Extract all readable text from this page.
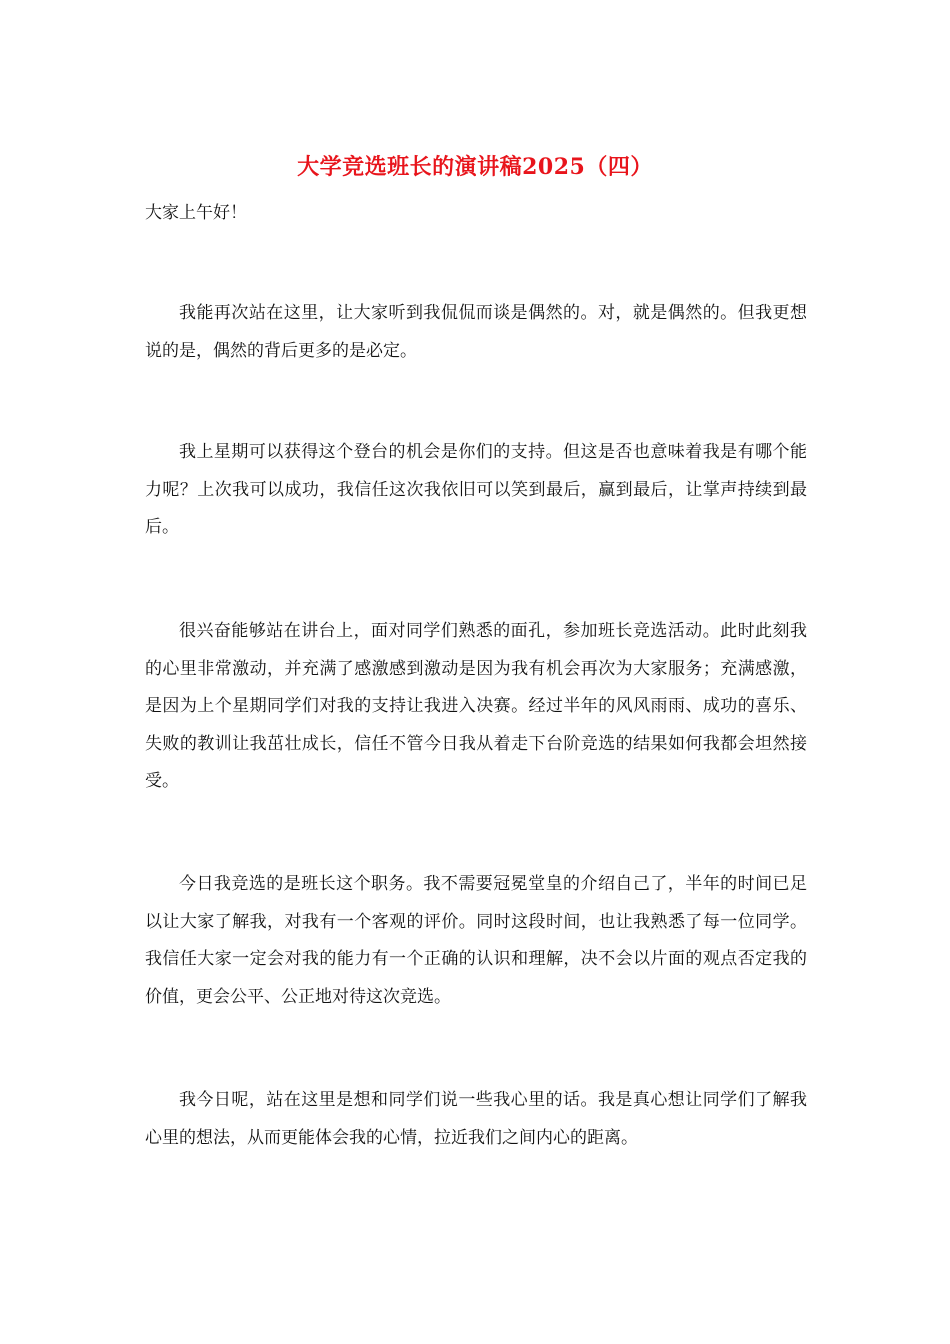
大学竞选班长的演讲稿2025（四）

大家上午好！

我能再次站在这里，让大家听到我侃侃而谈是偶然的。对，就是偶然的。但我更想说的是，偶然的背后更多的是必定。

我上星期可以获得这个登台的机会是你们的支持。但这是否也意味着我是有哪个能力呢？上次我可以成功，我信任这次我依旧可以笑到最后，赢到最后，让掌声持续到最后。

很兴奋能够站在讲台上，面对同学们熟悉的面孔，参加班长竞选活动。此时此刻我的心里非常激动，并充满了感激感到激动是因为我有机会再次为大家服务；充满感激，是因为上个星期同学们对我的支持让我进入决赛。经过半年的风风雨雨、成功的喜乐、失败的教训让我茁壮成长，信任不管今日我从着走下台阶竞选的结果如何我都会坦然接受。

今日我竞选的是班长这个职务。我不需要冠冕堂皇的介绍自己了，半年的时间已足以让大家了解我，对我有一个客观的评价。同时这段时间，也让我熟悉了每一位同学。我信任大家一定会对我的能力有一个正确的认识和理解，决不会以片面的观点否定我的价值，更会公平、公正地对待这次竞选。

我今日呢，站在这里是想和同学们说一些我心里的话。我是真心想让同学们了解我心里的想法，从而更能体会我的心情，拉近我们之间内心的距离。
